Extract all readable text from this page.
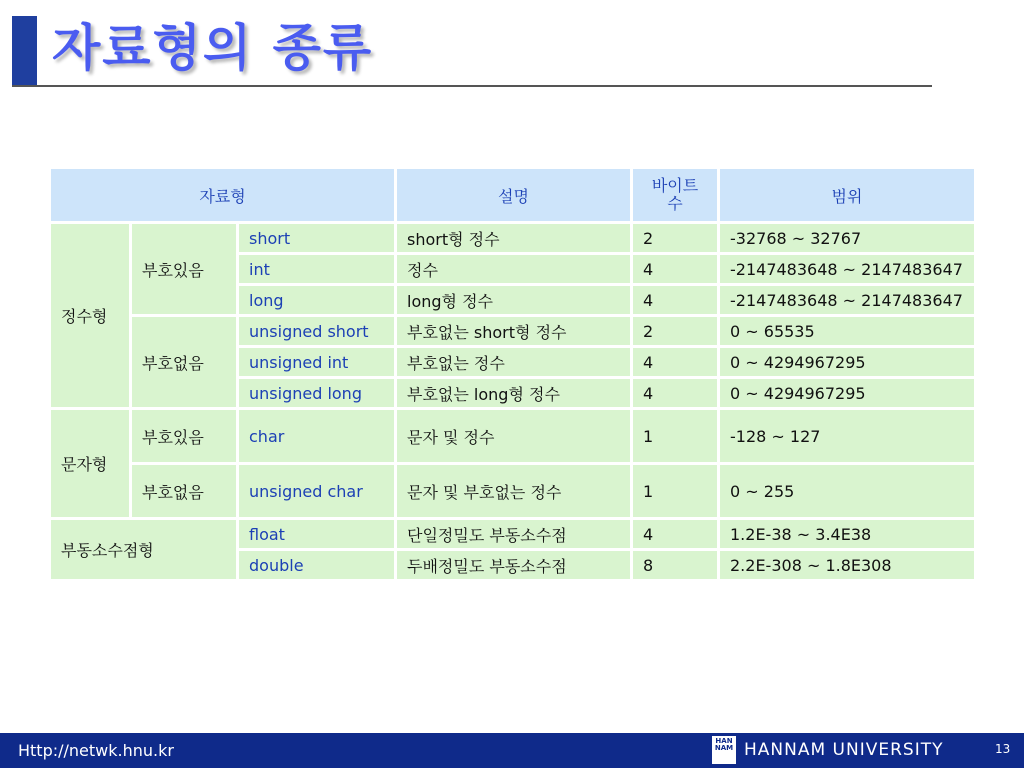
자료형의 종류
자료형			설명	바이트 수	범위
정수형	부호있음	short	short형 정수	2	-32768 ~ 32767
		int	정수	4	-2147483648 ~ 2147483647
		long	long형 정수	4	-2147483648 ~ 2147483647
	부호없음	unsigned short	부호없는 short형 정수	2	0 ~ 65535
		unsigned int	부호없는 정수	4	0 ~ 4294967295
		unsigned long	부호없는 long형 정수	4	0 ~ 4294967295
문자형	부호있음	char	문자 및 정수	1	-128 ~ 127
	부호없음	unsigned char	문자 및 부호없는 정수	1	0 ~ 255
부동소수점형		float	단일정밀도 부동소수점	4	1.2E-38 ~ 3.4E38
		double	두배정밀도 부동소수점	8	2.2E-308 ~ 1.8E308
Http://netwk.hnu.kr	HAN NAM HANNAM UNIVERSITY	13
